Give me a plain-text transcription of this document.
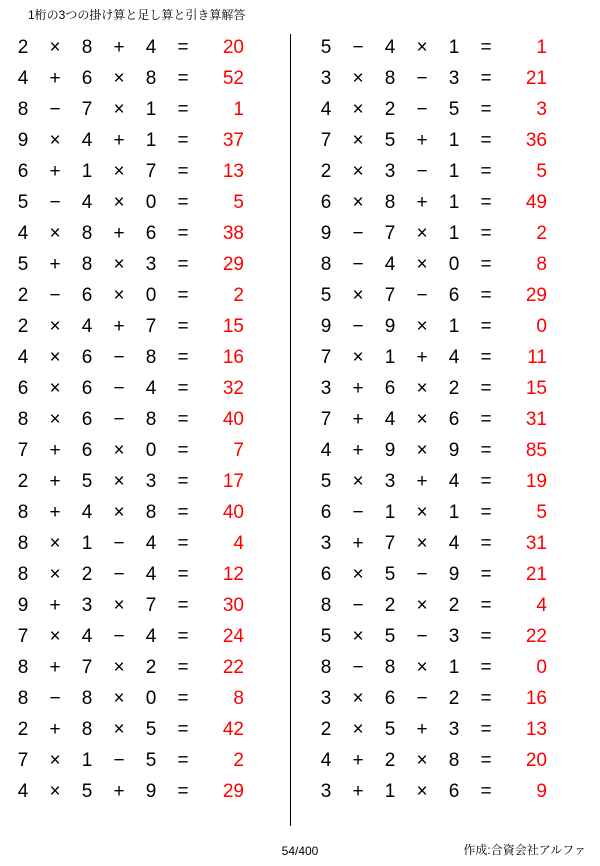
1桁の3つの掛け算と足し算と引き算解答
2	×	8	+	4	=	20
4	+	6	×	8	=	52
8	−	7	×	1	=	1
9	×	4	+	1	=	37
6	+	1	×	7	=	13
5	−	4	×	0	=	5
4	×	8	+	6	=	38
5	+	8	×	3	=	29
2	−	6	×	0	=	2
2	×	4	+	7	=	15
4	×	6	−	8	=	16
6	×	6	−	4	=	32
8	×	6	−	8	=	40
7	+	6	×	0	=	7
2	+	5	×	3	=	17
8	+	4	×	8	=	40
8	×	1	−	4	=	4
8	×	2	−	4	=	12
9	+	3	×	7	=	30
7	×	4	−	4	=	24
8	+	7	×	2	=	22
8	−	8	×	0	=	8
2	+	8	×	5	=	42
7	×	1	−	5	=	2
4	×	5	+	9	=	29
5	−	4	×	1	=	1
3	×	8	−	3	=	21
4	×	2	−	5	=	3
7	×	5	+	1	=	36
2	×	3	−	1	=	5
6	×	8	+	1	=	49
9	−	7	×	1	=	2
8	−	4	×	0	=	8
5	×	7	−	6	=	29
9	−	9	×	1	=	0
7	×	1	+	4	=	11
3	+	6	×	2	=	15
7	+	4	×	6	=	31
4	+	9	×	9	=	85
5	×	3	+	4	=	19
6	−	1	×	1	=	5
3	+	7	×	4	=	31
6	×	5	−	9	=	21
8	−	2	×	2	=	4
5	×	5	−	3	=	22
8	−	8	×	1	=	0
3	×	6	−	2	=	16
2	×	5	+	3	=	13
4	+	2	×	8	=	20
3	+	1	×	6	=	9
54/400	作成:合資会社アルファ
